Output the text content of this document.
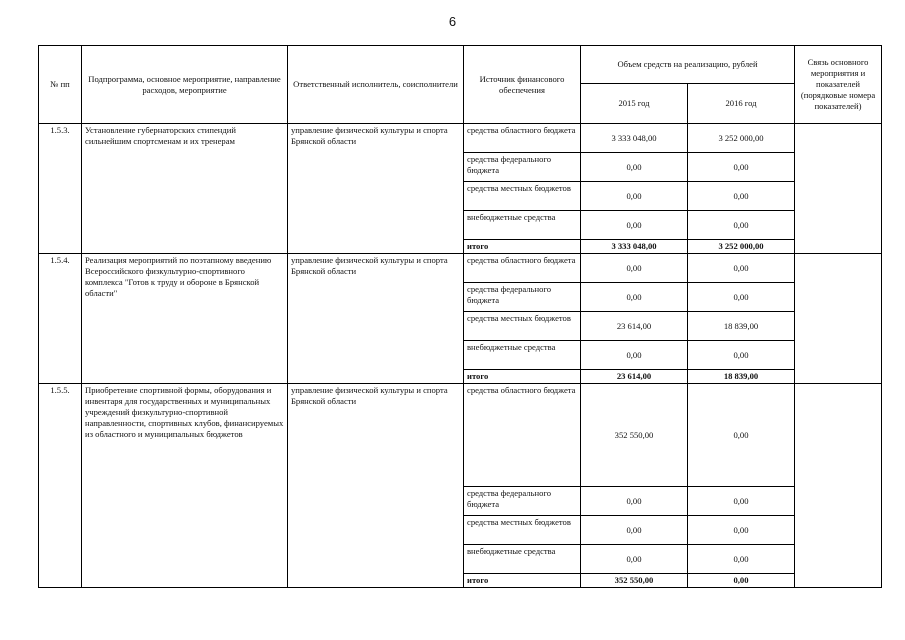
6
№ пп	Подпрограмма, основное мероприятие, направление расходов, мероприятие	Ответственный исполнитель, соисполнители	Источник финансового обеспечения	Объем средств на реализацию, рублей		Связь основного мероприятия и показателей (порядковые номера показателей)
				2015 год	2016 год	
1.5.3.	Установление губернаторских стипендий сильнейшим спортсменам и их тренерам	управление физической культуры и спорта Брянской области	средства областного бюджета	3 333 048,00	3 252 000,00	
			средства федерального бюджета	0,00	0,00	
			средства местных бюджетов	0,00	0,00	
			внебюджетные средства	0,00	0,00	
			итого	3 333 048,00	3 252 000,00	
1.5.4.	Реализация мероприятий по поэтапному введению Всероссийского физкультурно-спортивного комплекса "Готов к труду и обороне в Брянской области"	управление физической культуры и спорта Брянской области	средства областного бюджета	0,00	0,00	
			средства федерального бюджета	0,00	0,00	
			средства местных бюджетов	23 614,00	18 839,00	
			внебюджетные средства	0,00	0,00	
			итого	23 614,00	18 839,00	
1.5.5.	Приобретение спортивной формы, оборудования и инвентаря для государственных и муниципальных учреждений физкультурно-спортивной направленности, спортивных клубов, финансируемых из областного и муниципальных бюджетов	управление физической культуры и спорта Брянской области	средства областного бюджета	352 550,00	0,00	
			средства федерального бюджета	0,00	0,00	
			средства местных бюджетов	0,00	0,00	
			внебюджетные средства	0,00	0,00	
			итого	352 550,00	0,00	
